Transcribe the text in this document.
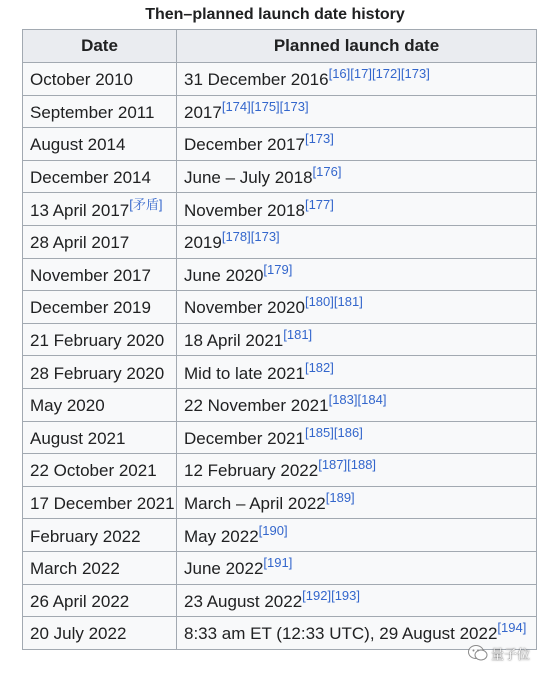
Then–planned launch date history
Date	Planned launch date
October 2010	31 December 2016[16][17][172][173]
September 2011	2017[174][175][173]
August 2014	December 2017[173]
December 2014	June – July 2018[176]
13 April 2017[矛盾]	November 2018[177]
28 April 2017	2019[178][173]
November 2017	June 2020[179]
December 2019	November 2020[180][181]
21 February 2020	18 April 2021[181]
28 February 2020	Mid to late 2021[182]
May 2020	22 November 2021[183][184]
August 2021	December 2021[185][186]
22 October 2021	12 February 2022[187][188]
17 December 2021	March – April 2022[189]
February 2022	May 2022[190]
March 2022	June 2022[191]
26 April 2022	23 August 2022[192][193]
20 July 2022	8:33 am ET (12:33 UTC), 29 August 2022[194]
量子位
